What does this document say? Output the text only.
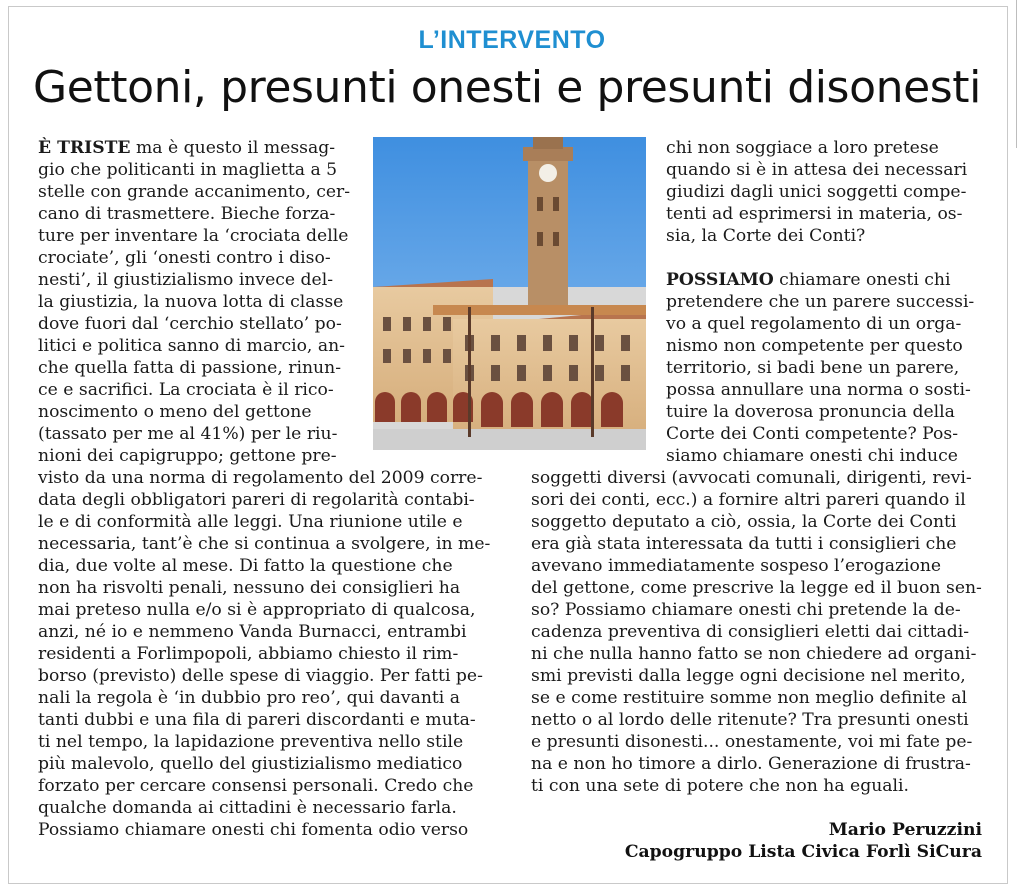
L’INTERVENTO
Gettoni, presunti onesti e presunti disonesti
È TRISTE ma è questo il messag-
gio che politicanti in maglietta a 5
stelle con grande accanimento, cer-
cano di trasmettere. Bieche forza-
ture per inventare la ‘crociata delle
crociate’, gli ‘onesti contro i diso-
nesti’, il giustizialismo invece del-
la giustizia, la nuova lotta di classe
dove fuori dal ‘cerchio stellato’ po-
litici e politica sanno di marcio, an-
che quella fatta di passione, rinun-
ce e sacrifici. La crociata è il rico-
noscimento o meno del gettone
(tassato per me al 41%) per le riu-
nioni dei capigruppo; gettone pre-
visto da una norma di regolamento del 2009 corre-
data degli obbligatori pareri di regolarità contabi-
le e di conformità alle leggi. Una riunione utile e
necessaria, tant’è che si continua a svolgere, in me-
dia, due volte al mese. Di fatto la questione che
non ha risvolti penali, nessuno dei consiglieri ha
mai preteso nulla e/o si è appropriato di qualcosa,
anzi, né io e nemmeno Vanda Burnacci, entrambi
residenti a Forlimpopoli, abbiamo chiesto il rim-
borso (previsto) delle spese di viaggio. Per fatti pe-
nali la regola è ‘in dubbio pro reo’, qui davanti a
tanti dubbi e una fila di pareri discordanti e muta-
ti nel tempo, la lapidazione preventiva nello stile
più malevolo, quello del giustizialismo mediatico
forzato per cercare consensi personali. Credo che
qualche domanda ai cittadini è necessario farla.
Possiamo chiamare onesti chi fomenta odio verso
chi non soggiace a loro pretese
quando si è in attesa dei necessari
giudizi dagli unici soggetti compe-
tenti ad esprimersi in materia, os-
sia, la Corte dei Conti?
POSSIAMO chiamare onesti chi
pretendere che un parere successi-
vo a quel regolamento di un orga-
nismo non competente per questo
territorio, si badi bene un parere,
possa annullare una norma o sosti-
tuire la doverosa pronuncia della
Corte dei Conti competente? Pos-
siamo chiamare onesti chi induce
soggetti diversi (avvocati comunali, dirigenti, revi-
sori dei conti, ecc.) a fornire altri pareri quando il
soggetto deputato a ciò, ossia, la Corte dei Conti
era già stata interessata da tutti i consiglieri che
avevano immediatamente sospeso l’erogazione
del gettone, come prescrive la legge ed il buon sen-
so? Possiamo chiamare onesti chi pretende la de-
cadenza preventiva di consiglieri eletti dai cittadi-
ni che nulla hanno fatto se non chiedere ad organi-
smi previsti dalla legge ogni decisione nel merito,
se e come restituire somme non meglio definite al
netto o al lordo delle ritenute? Tra presunti onesti
e presunti disonesti... onestamente, voi mi fate pe-
na e non ho timore a dirlo. Generazione di frustra-
ti con una sete di potere che non ha eguali.
Mario Peruzzini
Capogruppo Lista Civica Forlì SiCura
